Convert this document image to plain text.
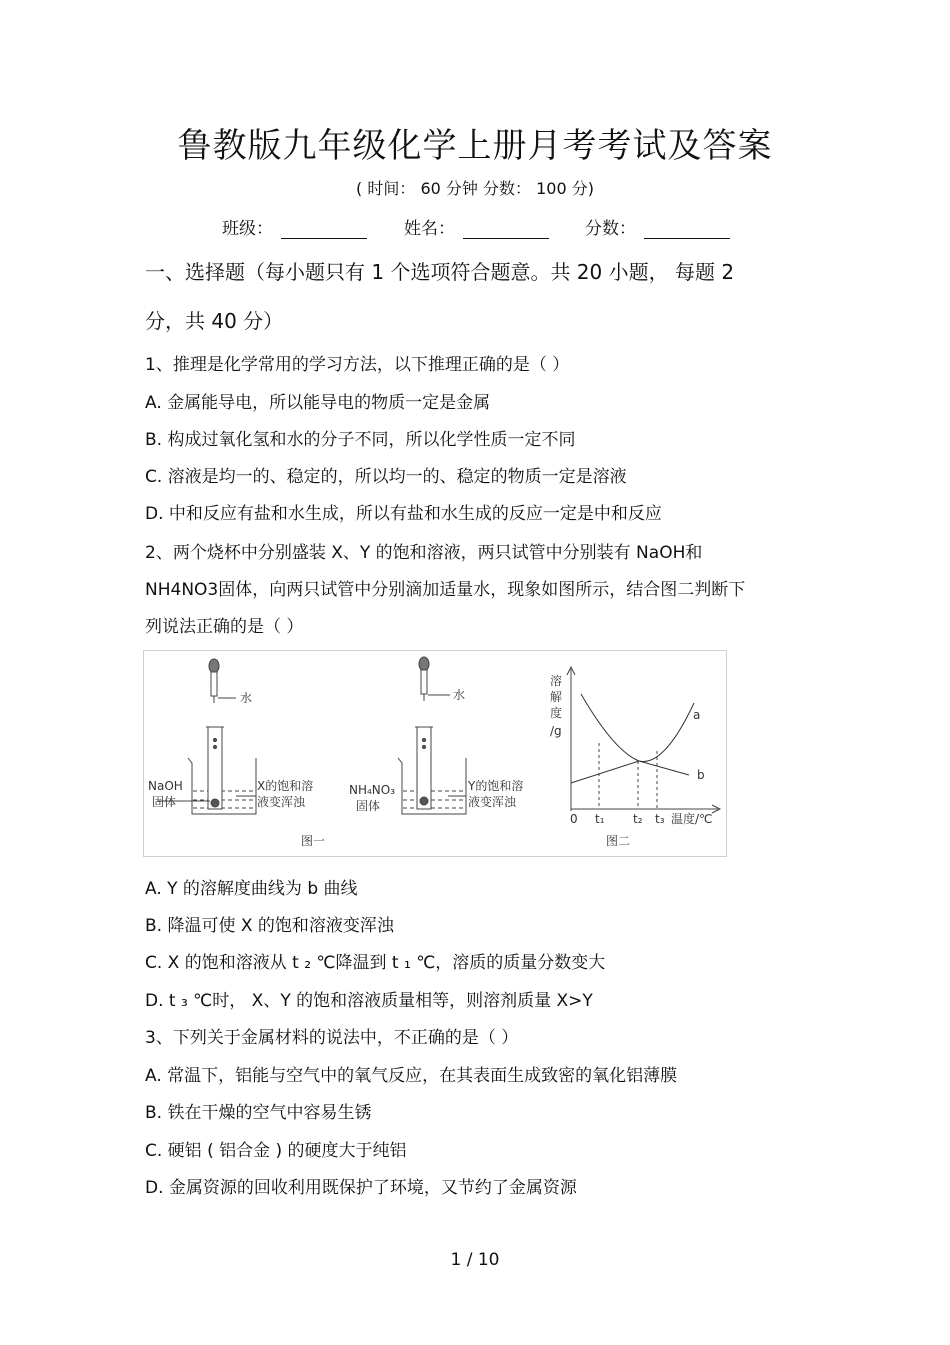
鲁教版九年级化学上册月考考试及答案
( 时间： 60 分钟 分数： 100 分)
班级：	姓名：	分数：
一、选择题（每小题只有 1 个选项符合题意。共 20 小题， 每题 2
分，共 40 分）
1、推理是化学常用的学习方法，以下推理正确的是（ ）
A. 金属能导电，所以能导电的物质一定是金属
B. 构成过氧化氢和水的分子不同，所以化学性质一定不同
C. 溶液是均一的、稳定的，所以均一的、稳定的物质一定是溶液
D. 中和反应有盐和水生成，所以有盐和水生成的反应一定是中和反应
2、两个烧杯中分别盛装 X、Y 的饱和溶液，两只试管中分别装有 NaOH和
NH4NO3固体，向两只试管中分别滴加适量水，现象如图所示，结合图二判断下
列说法正确的是（ ）
水
NaOH
固体
X的饱和溶
液变浑浊
图一
水
NH₄NO₃
固体
Y的饱和溶
液变浑浊
溶
解
度
/g
0 t₁ t₂ t₃ 温度/℃
a
b
图二
A. Y 的溶解度曲线为 b 曲线
B. 降温可使 X 的饱和溶液变浑浊
C. X 的饱和溶液从 t ₂ ℃降温到 t ₁ ℃，溶质的质量分数变大
D. t ₃ ℃时， X、Y 的饱和溶液质量相等，则溶剂质量 X>Y
3、下列关于金属材料的说法中，不正确的是（ ）
A. 常温下，铝能与空气中的氧气反应，在其表面生成致密的氧化铝薄膜
B. 铁在干燥的空气中容易生锈
C. 硬铝 ( 铝合金 ) 的硬度大于纯铝
D. 金属资源的回收利用既保护了环境，又节约了金属资源
1 / 10
